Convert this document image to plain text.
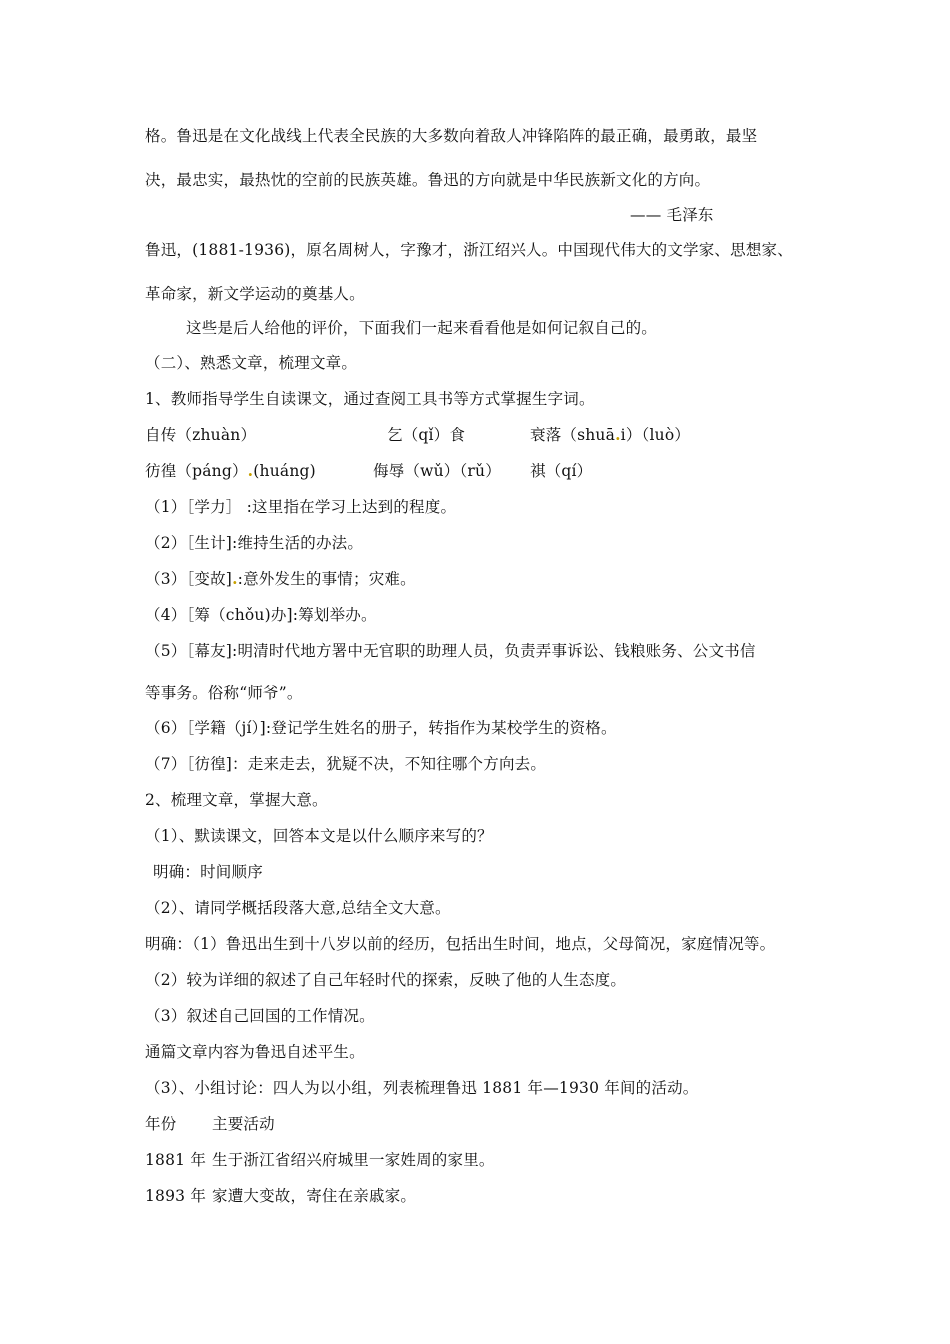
格。鲁迅是在文化战线上代表全民族的大多数向着敌人冲锋陷阵的最正确，最勇敢，最坚
决，最忠实，最热忱的空前的民族英雄。鲁迅的方向就是中华民族新文化的方向。
—— 毛泽东
鲁迅，(1881-1936)，原名周树人，字豫才，浙江绍兴人。中国现代伟大的文学家、思想家、
革命家，新文学运动的奠基人。
这些是后人给他的评价，下面我们一起来看看他是如何记叙自己的。
（二）、熟悉文章，梳理文章。
1、教师指导学生自读课文，通过查阅工具书等方式掌握生字词。
自传（zhuàn）	乞（qǐ）食	衰落（shuā.i）（luò）
彷徨（páng）.(huáng)	侮辱（wǔ）（rǔ） 祺（qí）
（1）［学力］ :这里指在学习上达到的程度。
（2）［生计]:维持生活的办法。
（3）［变故].:意外发生的事情；灾难。
（4）［筹（chǒu)办]:筹划举办。
（5）［幕友]:明清时代地方署中无官职的助理人员，负责弄事诉讼、钱粮账务、公文书信
等事务。俗称“师爷”。
（6）［学籍（jí）]:登记学生姓名的册子，转指作为某校学生的资格。
（7）［彷徨]：走来走去，犹疑不决，不知往哪个方向去。
2、梳理文章，掌握大意。
（1）、默读课文，回答本文是以什么顺序来写的？
明确：时间顺序
（2）、请同学概括段落大意,总结全文大意。
明确：（1）鲁迅出生到十八岁以前的经历，包括出生时间，地点，父母简况，家庭情况等。
（2）较为详细的叙述了自己年轻时代的探索，反映了他的人生态度。
（3）叙述自己回国的工作情况。
通篇文章内容为鲁迅自述平生。
（3）、小组讨论：四人为以小组，列表梳理鲁迅 1881 年—1930 年间的活动。
年份 主要活动
1881 年 生于浙江省绍兴府城里一家姓周的家里。
1893 年 家遭大变故，寄住在亲戚家。
